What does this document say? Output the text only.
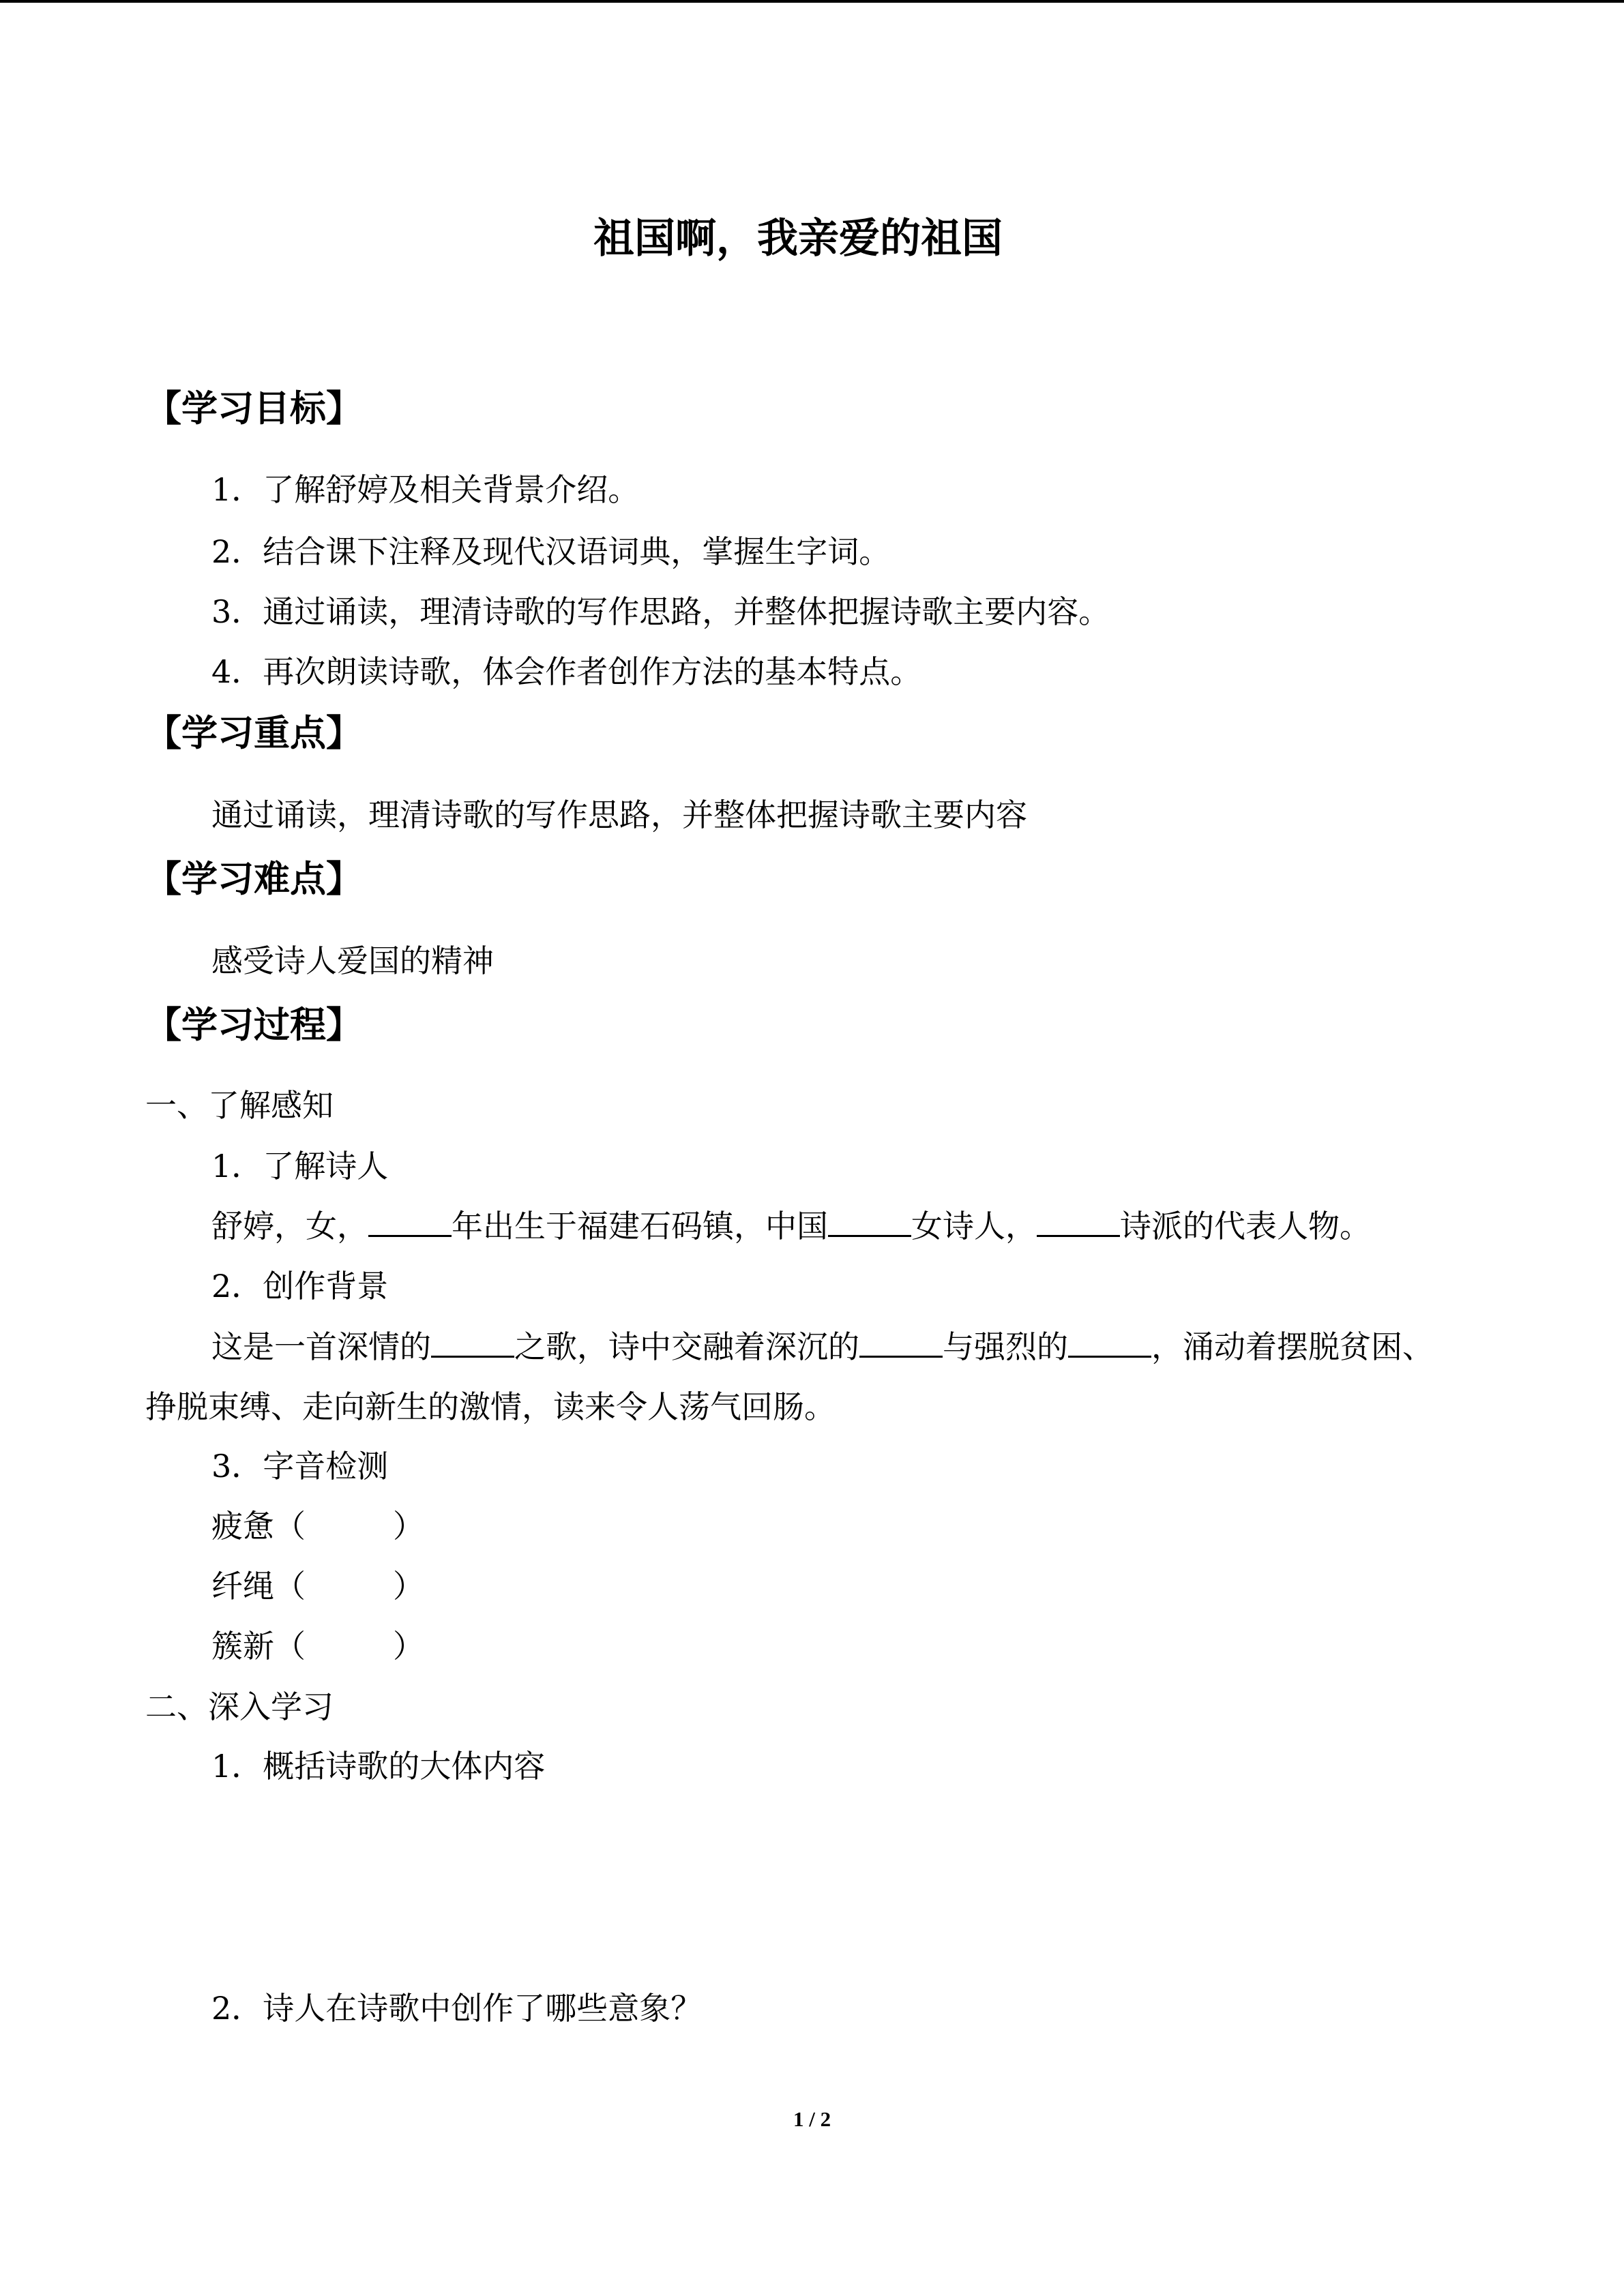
祖国啊，我亲爱的祖国
【学习目标】
1．了解舒婷及相关背景介绍。
2．结合课下注释及现代汉语词典，掌握生字词。
3．通过诵读，理清诗歌的写作思路，并整体把握诗歌主要内容。
4．再次朗读诗歌，体会作者创作方法的基本特点。
【学习重点】
通过诵读，理清诗歌的写作思路，并整体把握诗歌主要内容
【学习难点】
感受诗人爱国的精神
【学习过程】
一、了解感知
1．了解诗人
舒婷，女，	年出生于福建石码镇，中国	女诗人，	诗派的代表人物。
2．创作背景
这是一首深情的	之歌，诗中交融着深沉的	与强烈的	，涌动着摆脱贫困、
挣脱束缚、走向新生的激情，读来令人荡气回肠。
3．字音检测
疲惫（	）
纤绳（	）
簇新（	）
二、深入学习
1．概括诗歌的大体内容
2．诗人在诗歌中创作了哪些意象？
1 / 2
